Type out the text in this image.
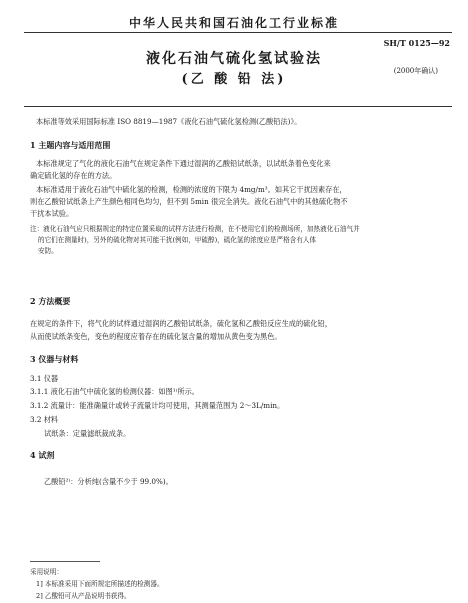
中华人民共和国石油化工行业标准
SH/T 0125—92
液化石油气硫化氢试验法
(乙 酸 铅 法)
(2000年确认)
本标准等效采用国际标准 ISO 8819—1987《液化石油气硫化氢检测(乙酸铅法)》。
1 主题内容与适用范围
本标准规定了气化的液化石油气在规定条件下通过湿润的乙酸铅试纸条，以试纸条着色变化来
确定硫化氢的存在的方法。
本标准适用于液化石油气中硫化氢的检测，检测的浓度的下限为 4mg/m³。如其它干扰因素存在，
则在乙酸铅试纸条上产生颜色相同色均匀，但不到 5min 很完全消失。液化石油气中的其他硫化物不
干扰本试验。
注：液化石油气应只根据规定的特定位置采取的试样方法进行检测，在不使用它们的检测场所，加热液化石油气并
的它们在测量时)，另外的硫化物对其可能干扰(例如，甲硫醇)，硫化氢的浓度应是严格含有人体
安防。
2 方法概要
在规定的条件下，将气化的试样通过湿润的乙酸铅试纸条，硫化氢和乙酸铅反应生成的硫化铅，
从而使试纸条变色，变色的程度应着存在的硫化氢含量的增加从黄色变为黑色。
3 仪器与材料
3.1 仪器
3.1.1 液化石油气中硫化氢的检测仪器：如图¹⁾所示。
3.1.2 流量计：能准确量计或转子流量计均可使用，其测量范围为 2～3L/min。
3.2 材料
试纸条：定量滤纸裁成条。
4 试剂
乙酸铅²⁾：分析纯(含量不少于 99.0%)。
采用说明：
1] 本标准采用下面所规定所描述的检测器。
2] 乙酸铅可从产品说明书获得。
